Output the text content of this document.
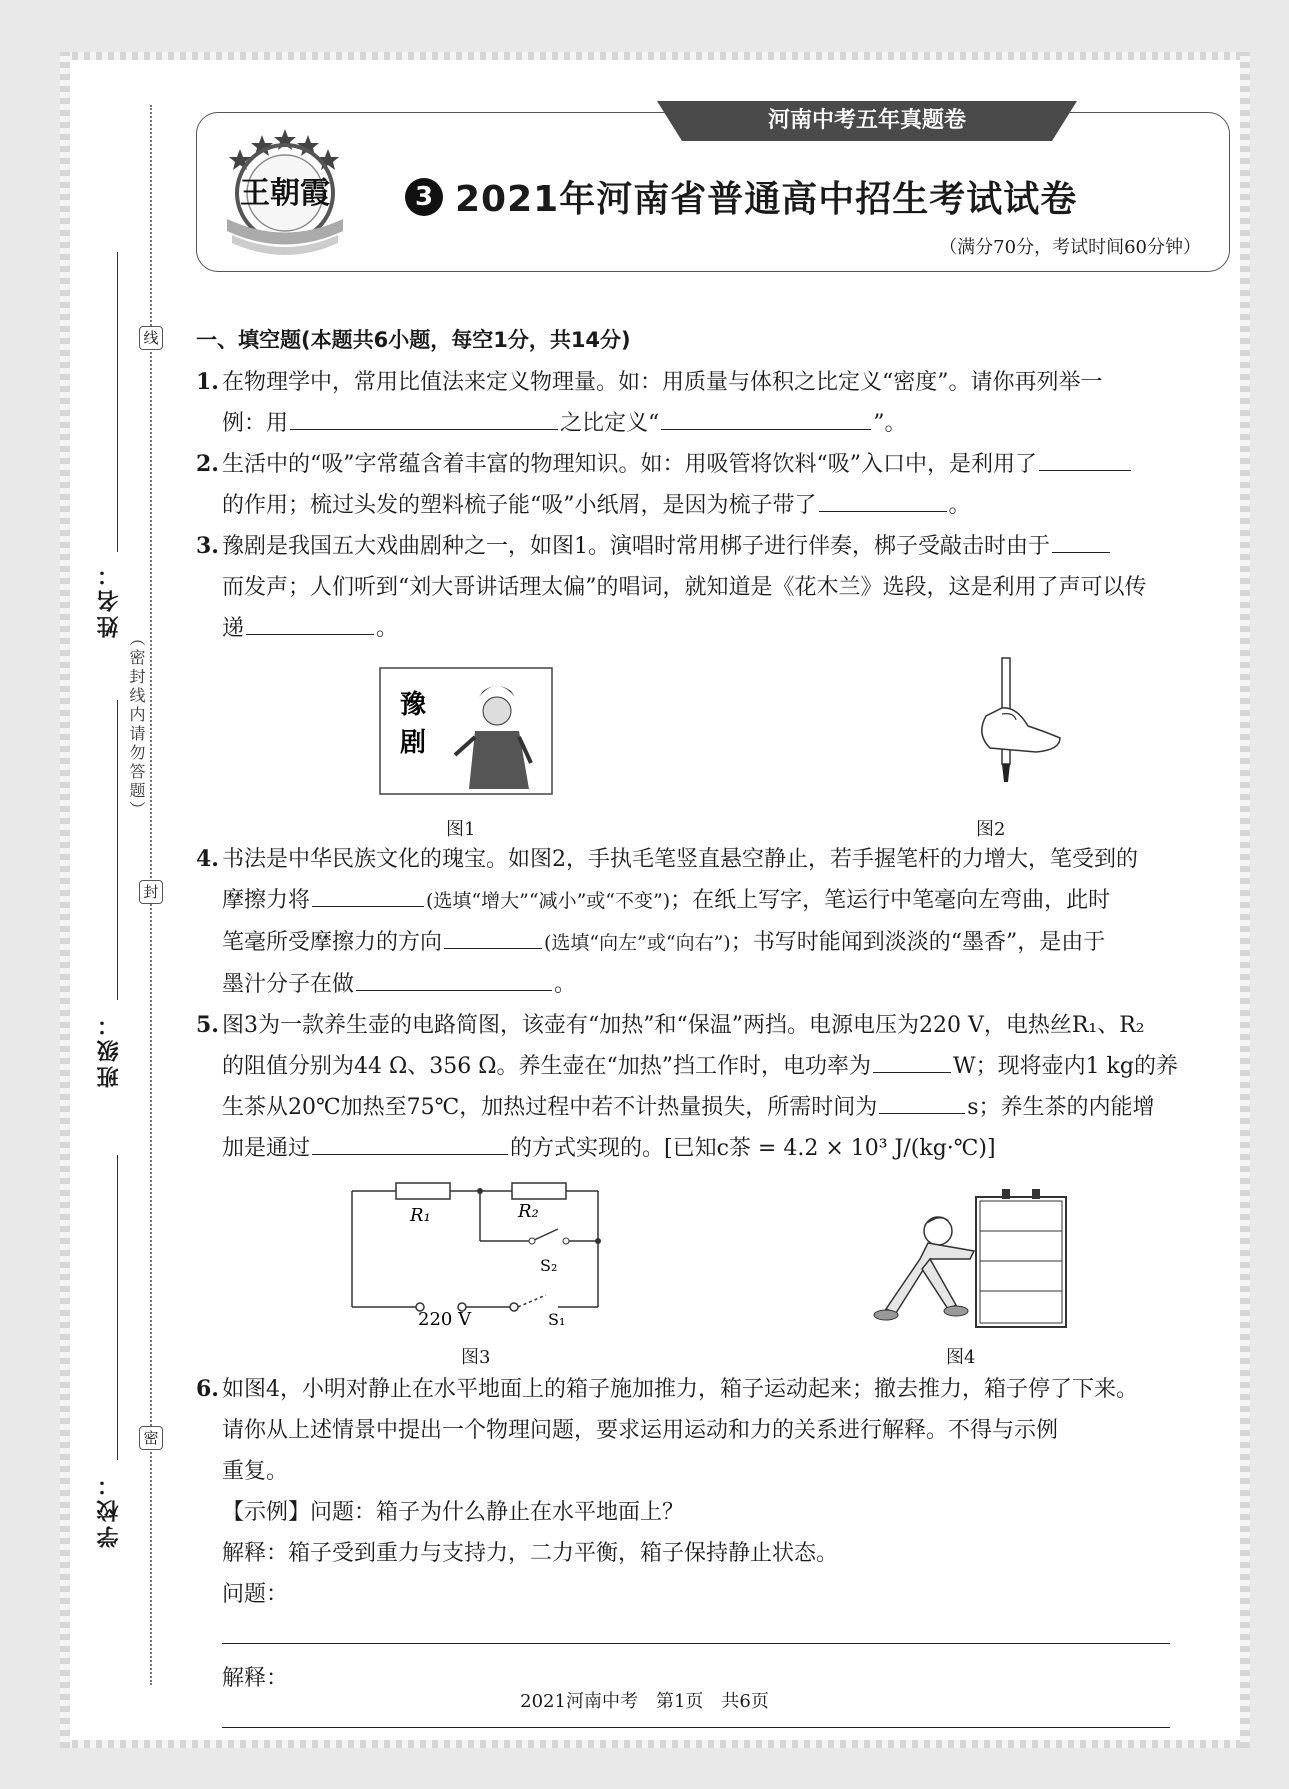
线
封
密
（密封线内请勿答题）
姓名：
班级：
学校：
王朝霞
河南中考五年真题卷
3 2021年河南省普通高中招生考试试卷
（满分70分，考试时间60分钟）
一、填空题(本题共6小题，每空1分，共14分)
1. 在物理学中，常用比值法来定义物理量。如：用质量与体积之比定义“密度”。请你再列举一
例：用	之比定义“	”。
2. 生活中的“吸”字常蕴含着丰富的物理知识。如：用吸管将饮料“吸”入口中，是利用了
的作用；梳过头发的塑料梳子能“吸”小纸屑，是因为梳子带了	。
3. 豫剧是我国五大戏曲剧种之一，如图1。演唱时常用梆子进行伴奏，梆子受敲击时由于
而发声；人们听到“刘大哥讲话理太偏”的唱词，就知道是《花木兰》选段，这是利用了声可以传
递	。
豫
剧
图1	图2
4. 书法是中华民族文化的瑰宝。如图2，手执毛笔竖直悬空静止，若手握笔杆的力增大，笔受到的
摩擦力将	(选填“增大”“减小”或“不变”)；在纸上写字，笔运行中笔毫向左弯曲，此时
笔毫所受摩擦力的方向	(选填“向左”或“向右”)；书写时能闻到淡淡的“墨香”，是由于
墨汁分子在做	。
5. 图3为一款养生壶的电路简图，该壶有“加热”和“保温”两挡。电源电压为220 V，电热丝R₁、R₂
的阻值分别为44 Ω、356 Ω。养生壶在“加热”挡工作时，电功率为	W；现将壶内1 kg的养
生茶从20℃加热至75℃，加热过程中若不计热量损失，所需时间为	s；养生茶的内能增
加是通过	的方式实现的。[已知c茶 = 4.2 × 10³ J/(kg·℃)]
R₁	R₂
S₂
S₁
220 V
图3	图4
6. 如图4，小明对静止在水平地面上的箱子施加推力，箱子运动起来；撤去推力，箱子停了下来。
请你从上述情景中提出一个物理问题，要求运用运动和力的关系进行解释。不得与示例
重复。
【示例】问题：箱子为什么静止在水平地面上？
解释：箱子受到重力与支持力，二力平衡，箱子保持静止状态。
问题：
解释：
2021河南中考　第1页　共6页
